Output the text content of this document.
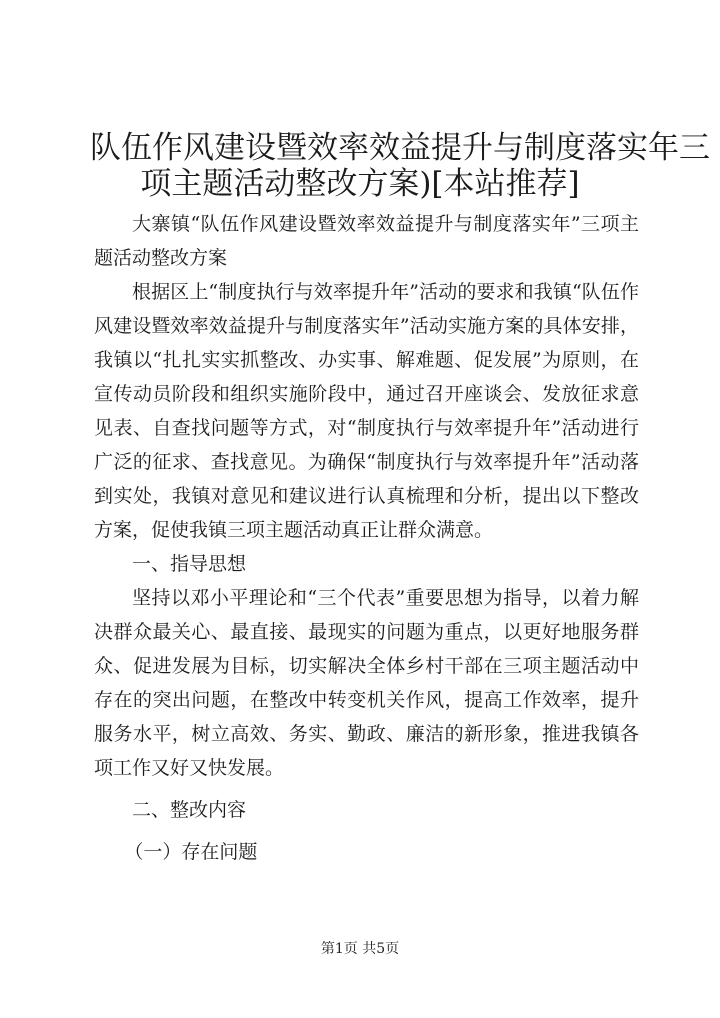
队伍作风建设暨效率效益提升与制度落实年三
项主题活动整改方案)[本站推荐]

大寨镇“队伍作风建设暨效率效益提升与制度落实年”三项主题活动整改方案

根据区上“制度执行与效率提升年”活动的要求和我镇“队伍作风建设暨效率效益提升与制度落实年”活动实施方案的具体安排，我镇以“扎扎实实抓整改、办实事、解难题、促发展”为原则，在宣传动员阶段和组织实施阶段中，通过召开座谈会、发放征求意见表、自查找问题等方式，对“制度执行与效率提升年”活动进行广泛的征求、查找意见。为确保“制度执行与效率提升年”活动落到实处，我镇对意见和建议进行认真梳理和分析，提出以下整改方案，促使我镇三项主题活动真正让群众满意。

一、指导思想

坚持以邓小平理论和“三个代表”重要思想为指导，以着力解决群众最关心、最直接、最现实的问题为重点，以更好地服务群众、促进发展为目标，切实解决全体乡村干部在三项主题活动中存在的突出问题，在整改中转变机关作风，提高工作效率，提升服务水平，树立高效、务实、勤政、廉洁的新形象，推进我镇各项工作又好又快发展。

二、整改内容

（一）存在问题

第1页 共5页
